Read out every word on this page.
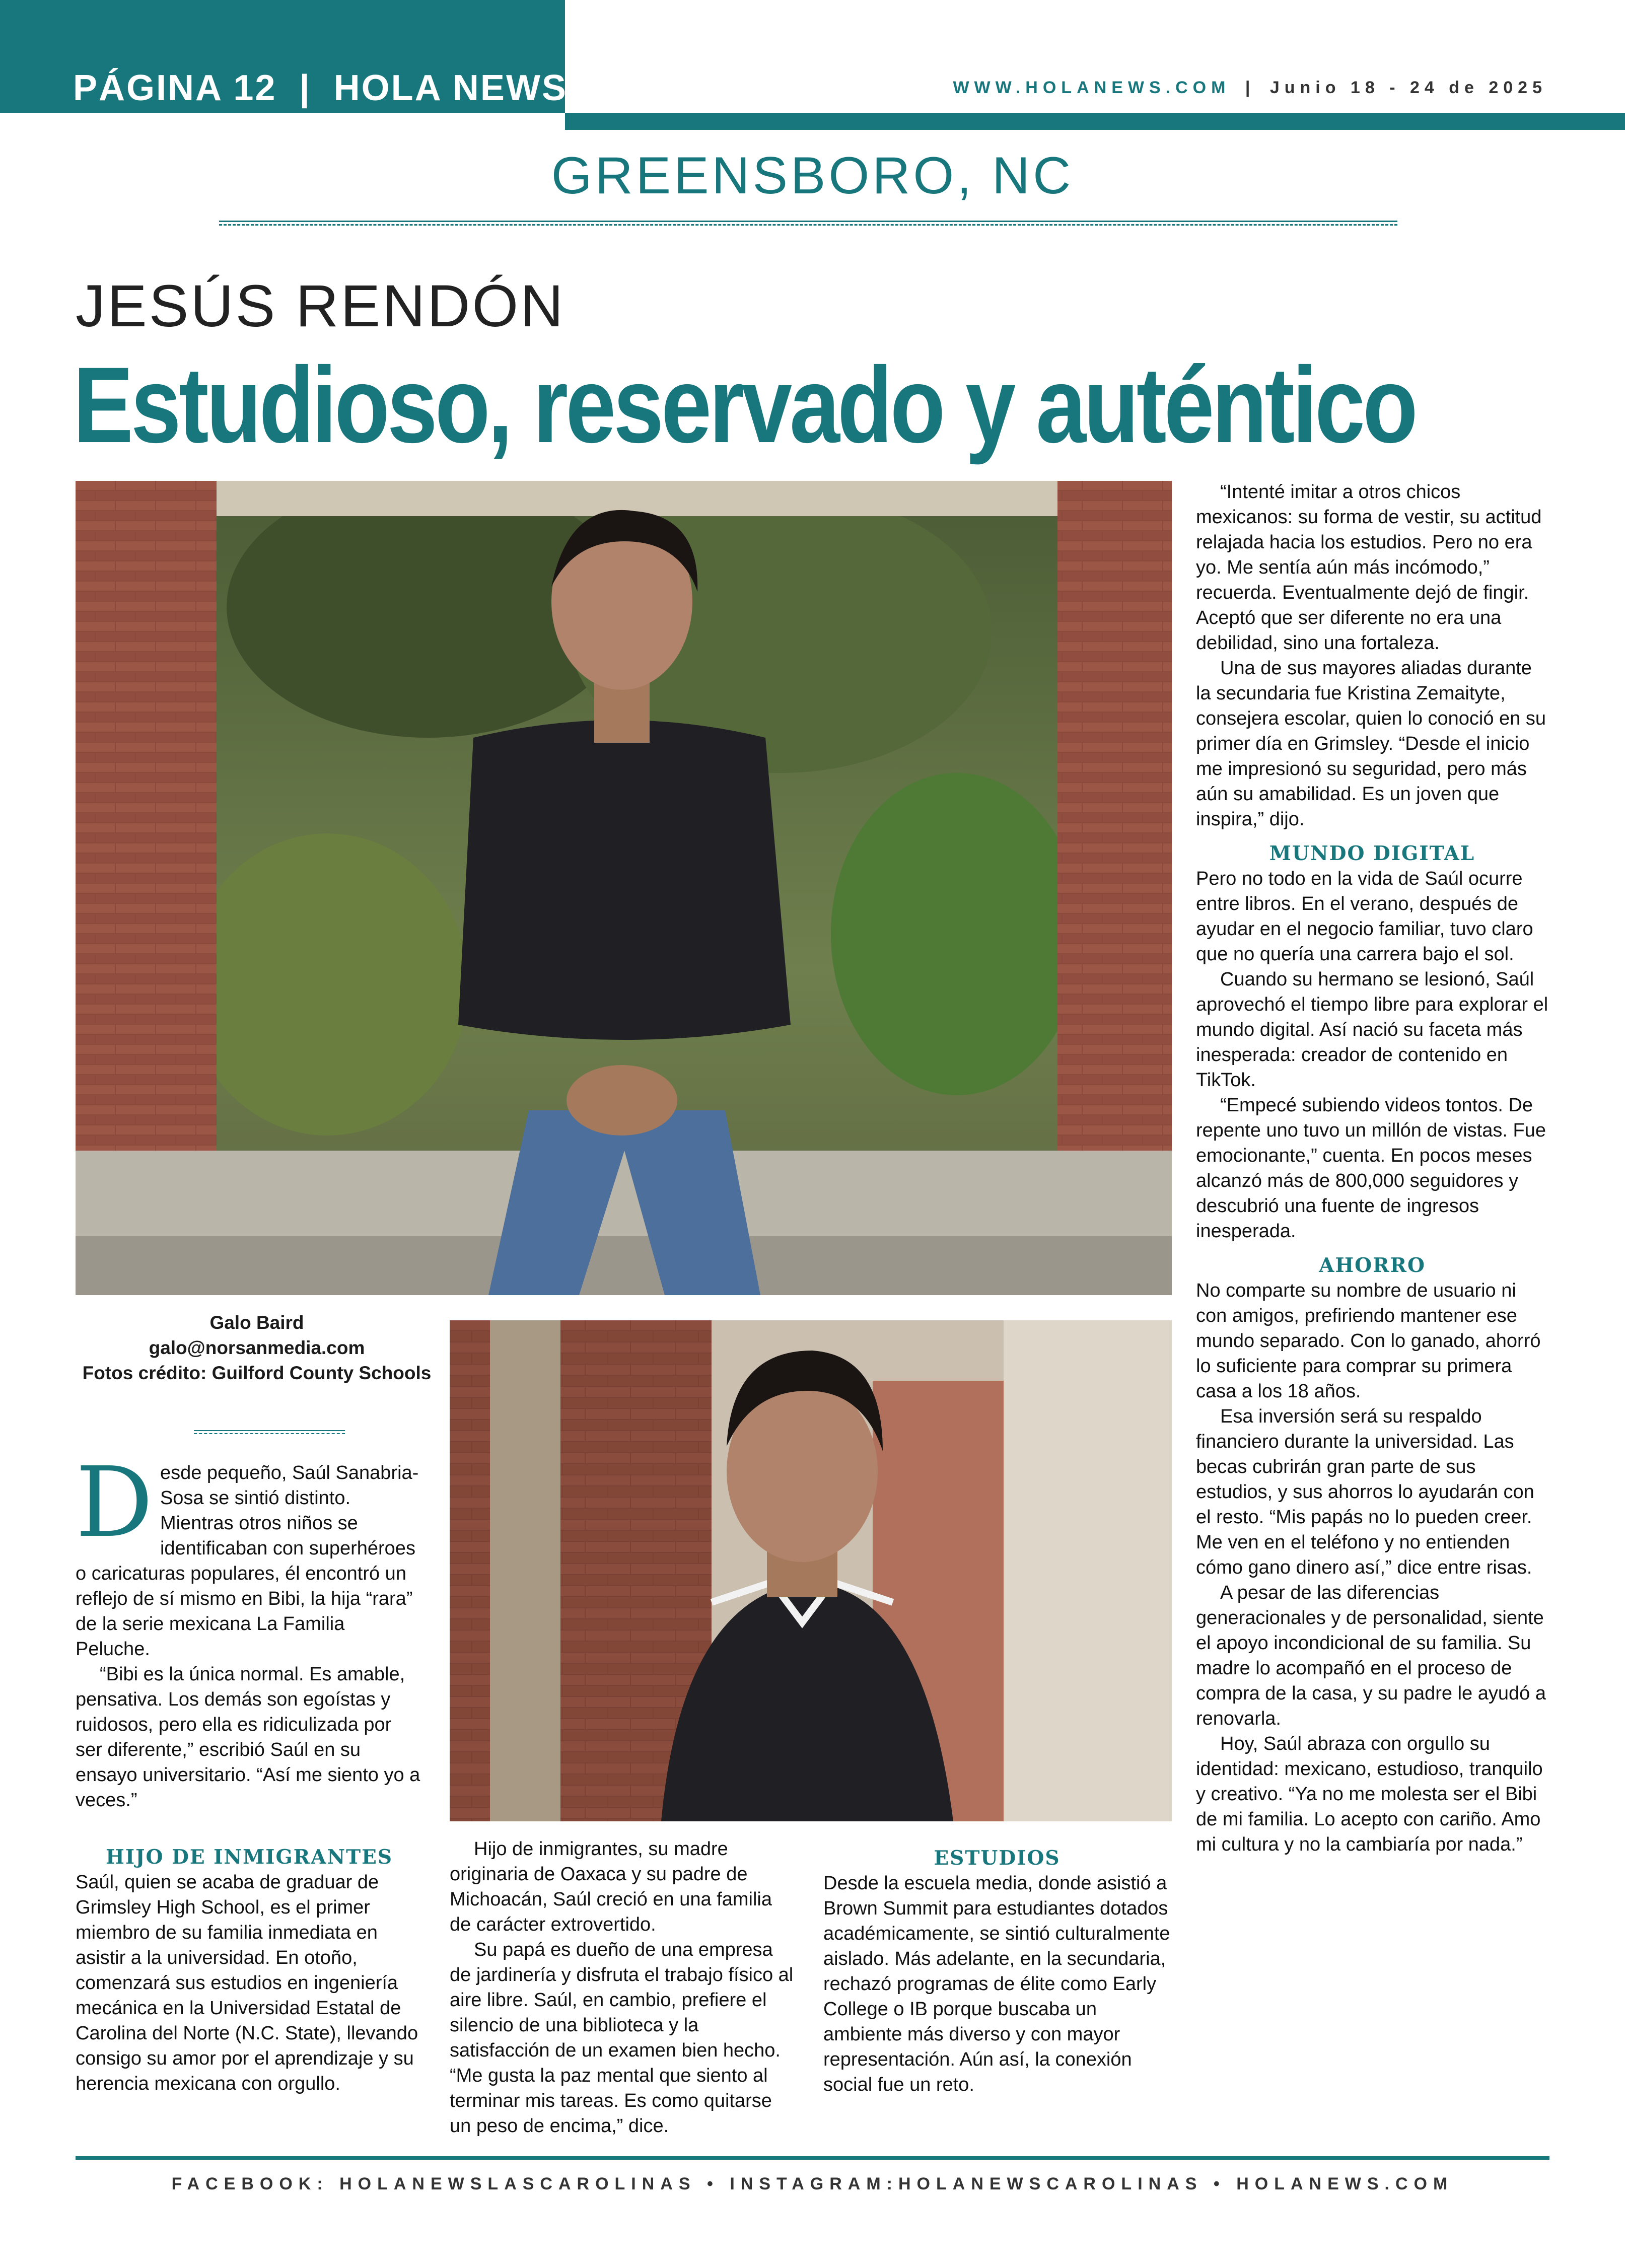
PÁGINA 12 | HOLA NEWS	WWW.HOLANEWS.COM | Junio 18 - 24 de 2025
GREENSBORO, NC
JESÚS RENDÓN
Estudioso, reservado y auténtico
Galo Baird
galo@norsanmedia.com
Fotos crédito: Guilford County Schools
D esde pequeño, Saúl Sanabria-Sosa se sintió distinto. Mientras otros niños se identificaban con superhéroes o caricaturas populares, él encontró un reflejo de sí mismo en Bibi, la hija “rara” de la serie mexicana La Familia Peluche.

“Bibi es la única normal. Es amable, pensativa. Los demás son egoístas y ruidosos, pero ella es ridiculizada por ser diferente,” escribió Saúl en su ensayo universitario. “Así me siento yo a veces.”

HIJO DE INMIGRANTES

Saúl, quien se acaba de graduar de Grimsley High School, es el primer miembro de su familia inmediata en asistir a la universidad. En otoño, comenzará sus estudios en ingeniería mecánica en la Universidad Estatal de Carolina del Norte (N.C. State), llevando consigo su amor por el aprendizaje y su herencia mexicana con orgullo.

Hijo de inmigrantes, su madre originaria de Oaxaca y su padre de Michoacán, Saúl creció en una familia de carácter extrovertido.

Su papá es dueño de una empresa de jardinería y disfruta el trabajo físico al aire libre. Saúl, en cambio, prefiere el silencio de una biblioteca y la satisfacción de un examen bien hecho. “Me gusta la paz mental que siento al terminar mis tareas. Es como quitarse un peso de encima,” dice.

ESTUDIOS

Desde la escuela media, donde asistió a Brown Summit para estudiantes dotados académicamente, se sintió culturalmente aislado. Más adelante, en la secundaria, rechazó programas de élite como Early College o IB porque buscaba un ambiente más diverso y con mayor representación. Aún así, la conexión social fue un reto.

“Intenté imitar a otros chicos mexicanos: su forma de vestir, su actitud relajada hacia los estudios. Pero no era yo. Me sentía aún más incómodo,” recuerda. Eventualmente dejó de fingir. Aceptó que ser diferente no era una debilidad, sino una fortaleza.

Una de sus mayores aliadas durante la secundaria fue Kristina Zemaityte, consejera escolar, quien lo conoció en su primer día en Grimsley. “Desde el inicio me impresionó su seguridad, pero más aún su amabilidad. Es un joven que inspira,” dijo.

MUNDO DIGITAL

Pero no todo en la vida de Saúl ocurre entre libros. En el verano, después de ayudar en el negocio familiar, tuvo claro que no quería una carrera bajo el sol.

Cuando su hermano se lesionó, Saúl aprovechó el tiempo libre para explorar el mundo digital. Así nació su faceta más inesperada: creador de contenido en TikTok.

“Empecé subiendo videos tontos. De repente uno tuvo un millón de vistas. Fue emocionante,” cuenta. En pocos meses alcanzó más de 800,000 seguidores y descubrió una fuente de ingresos inesperada.

AHORRO

No comparte su nombre de usuario ni con amigos, prefiriendo mantener ese mundo separado. Con lo ganado, ahorró lo suficiente para comprar su primera casa a los 18 años.

Esa inversión será su respaldo financiero durante la universidad. Las becas cubrirán gran parte de sus estudios, y sus ahorros lo ayudarán con el resto. “Mis papás no lo pueden creer. Me ven en el teléfono y no entienden cómo gano dinero así,” dice entre risas.

A pesar de las diferencias generacionales y de personalidad, siente el apoyo incondicional de su familia. Su madre lo acompañó en el proceso de compra de la casa, y su padre le ayudó a renovarla.

Hoy, Saúl abraza con orgullo su identidad: mexicano, estudioso, tranquilo y creativo. “Ya no me molesta ser el Bibi de mi familia. Lo acepto con cariño. Amo mi cultura y no la cambiaría por nada.”

FACEBOOK: HOLANEWSLASCAROLINAS • INSTAGRAM:HOLANEWSCAROLINAS • HOLANEWS.COM
